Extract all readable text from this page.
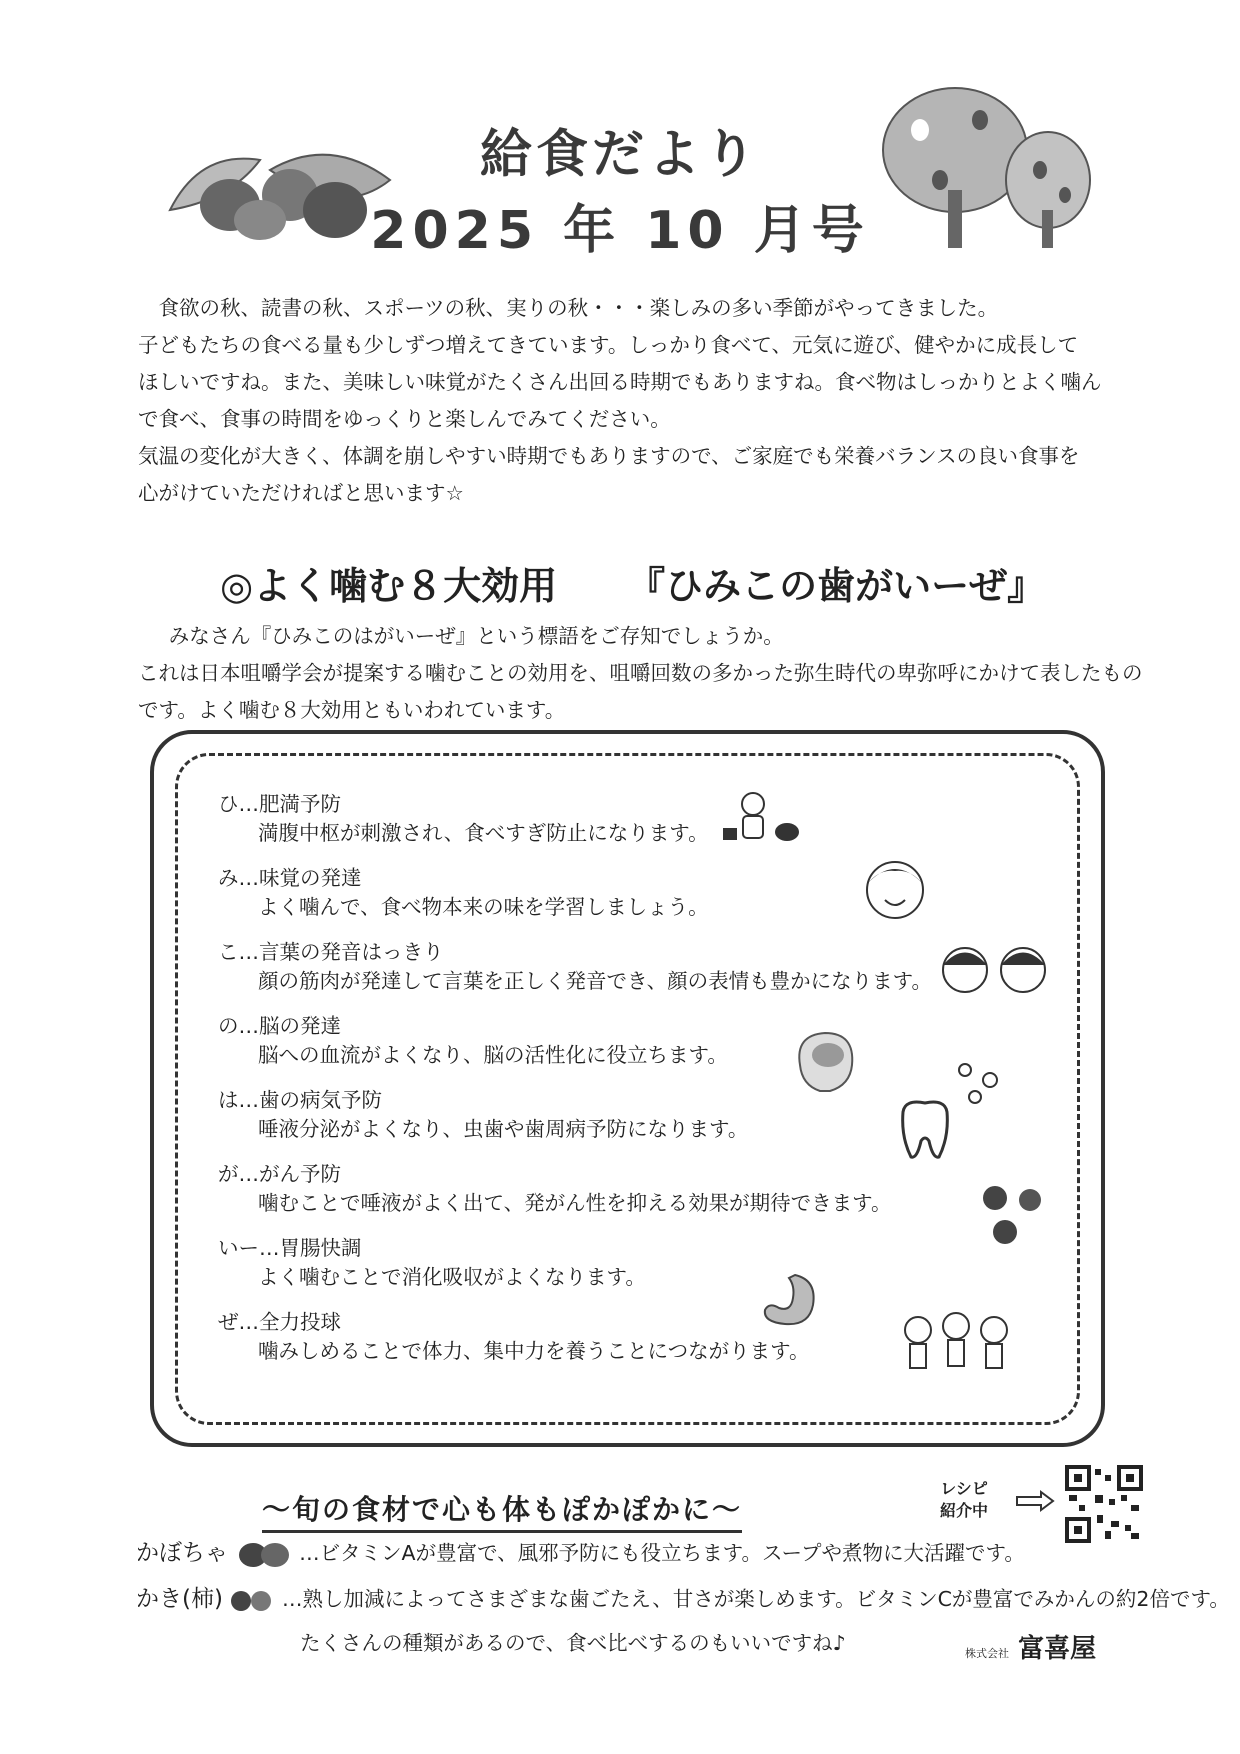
給食だより
2025 年 10 月号

食欲の秋、読書の秋、スポーツの秋、実りの秋・・・楽しみの多い季節がやってきました。

子どもたちの食べる量も少しずつ増えてきています。しっかり食べて、元気に遊び、健やかに成長して

ほしいですね。また、美味しい味覚がたくさん出回る時期でもありますね。食べ物はしっかりとよく噛ん

で食べ、食事の時間をゆっくりと楽しんでみてください。

気温の変化が大きく、体調を崩しやすい時期でもありますので、ご家庭でも栄養バランスの良い食事を

心がけていただければと思います☆

◎よく噛む８大効用 『ひみこの歯がいーぜ』

みなさん『ひみこのはがいーぜ』という標語をご存知でしょうか。

これは日本咀嚼学会が提案する噛むことの効用を、咀嚼回数の多かった弥生時代の卑弥呼にかけて表したもの

です。よく噛む８大効用ともいわれています。

ひ…肥満予防
満腹中枢が刺激され、食べすぎ防止になります。
み…味覚の発達
よく噛んで、食べ物本来の味を学習しましょう。
こ…言葉の発音はっきり
顔の筋肉が発達して言葉を正しく発音でき、顔の表情も豊かになります。
の…脳の発達
脳への血流がよくなり、脳の活性化に役立ちます。
は…歯の病気予防
唾液分泌がよくなり、虫歯や歯周病予防になります。
が…がん予防
噛むことで唾液がよく出て、発がん性を抑える効果が期待できます。
いー…胃腸快調
よく噛むことで消化吸収がよくなります。
ぜ…全力投球
噛みしめることで体力、集中力を養うことにつながります。
〜旬の食材で心も体もぽかぽかに〜
レシピ
紹介中
かぼちゃ	…ビタミンAが豊富で、風邪予防にも役立ちます。スープや煮物に大活躍です。
かき(柿)	…熟し加減によってさまざまな歯ごたえ、甘さが楽しめます。ビタミンCが豊富でみかんの約2倍です。
たくさんの種類があるので、食べ比べするのもいいですね♪	株式会社 富喜屋
